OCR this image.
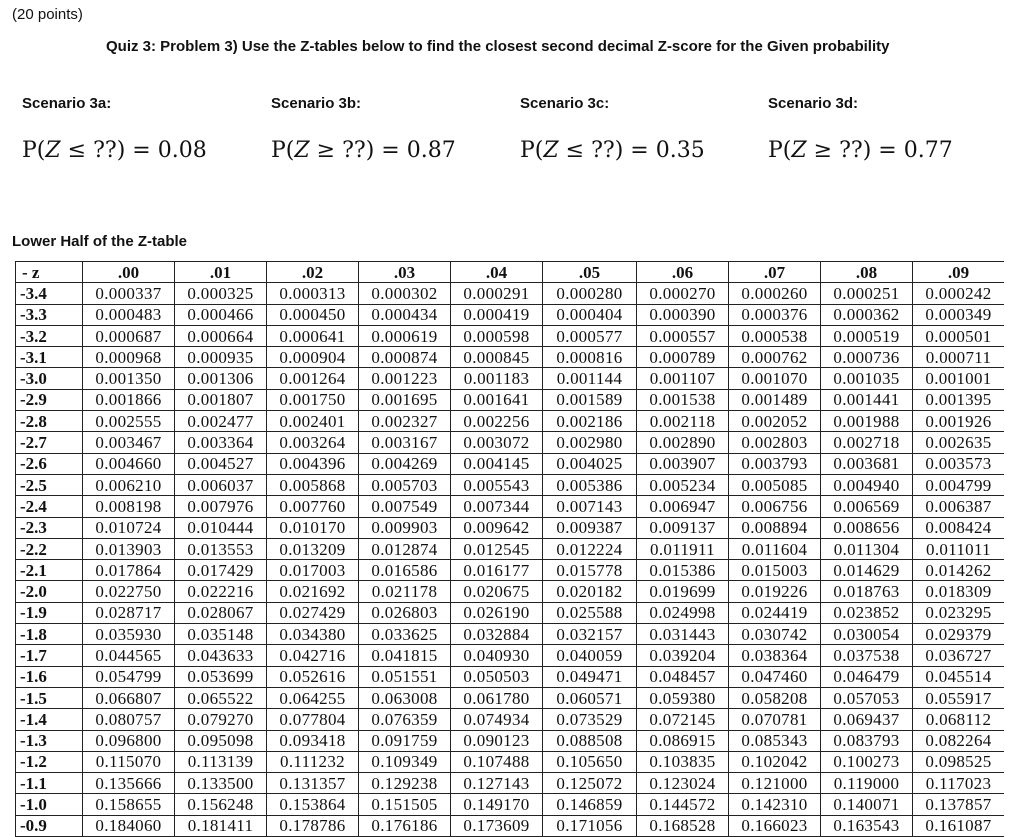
(20 points)
Quiz 3: Problem 3) Use the Z-tables below to find the closest second decimal Z-score for the Given probability
Scenario 3a:	Scenario 3b:	Scenario 3c:	Scenario 3d:
P(Z ≤ ??) = 0.08	P(Z ≥ ??) = 0.87	P(Z ≤ ??) = 0.35	P(Z ≥ ??) = 0.77
Lower Half of the Z-table
- z	.00	.01	.02	.03	.04	.05	.06	.07	.08	.09
-3.4	0.000337	0.000325	0.000313	0.000302	0.000291	0.000280	0.000270	0.000260	0.000251	0.000242
-3.3	0.000483	0.000466	0.000450	0.000434	0.000419	0.000404	0.000390	0.000376	0.000362	0.000349
-3.2	0.000687	0.000664	0.000641	0.000619	0.000598	0.000577	0.000557	0.000538	0.000519	0.000501
-3.1	0.000968	0.000935	0.000904	0.000874	0.000845	0.000816	0.000789	0.000762	0.000736	0.000711
-3.0	0.001350	0.001306	0.001264	0.001223	0.001183	0.001144	0.001107	0.001070	0.001035	0.001001
-2.9	0.001866	0.001807	0.001750	0.001695	0.001641	0.001589	0.001538	0.001489	0.001441	0.001395
-2.8	0.002555	0.002477	0.002401	0.002327	0.002256	0.002186	0.002118	0.002052	0.001988	0.001926
-2.7	0.003467	0.003364	0.003264	0.003167	0.003072	0.002980	0.002890	0.002803	0.002718	0.002635
-2.6	0.004660	0.004527	0.004396	0.004269	0.004145	0.004025	0.003907	0.003793	0.003681	0.003573
-2.5	0.006210	0.006037	0.005868	0.005703	0.005543	0.005386	0.005234	0.005085	0.004940	0.004799
-2.4	0.008198	0.007976	0.007760	0.007549	0.007344	0.007143	0.006947	0.006756	0.006569	0.006387
-2.3	0.010724	0.010444	0.010170	0.009903	0.009642	0.009387	0.009137	0.008894	0.008656	0.008424
-2.2	0.013903	0.013553	0.013209	0.012874	0.012545	0.012224	0.011911	0.011604	0.011304	0.011011
-2.1	0.017864	0.017429	0.017003	0.016586	0.016177	0.015778	0.015386	0.015003	0.014629	0.014262
-2.0	0.022750	0.022216	0.021692	0.021178	0.020675	0.020182	0.019699	0.019226	0.018763	0.018309
-1.9	0.028717	0.028067	0.027429	0.026803	0.026190	0.025588	0.024998	0.024419	0.023852	0.023295
-1.8	0.035930	0.035148	0.034380	0.033625	0.032884	0.032157	0.031443	0.030742	0.030054	0.029379
-1.7	0.044565	0.043633	0.042716	0.041815	0.040930	0.040059	0.039204	0.038364	0.037538	0.036727
-1.6	0.054799	0.053699	0.052616	0.051551	0.050503	0.049471	0.048457	0.047460	0.046479	0.045514
-1.5	0.066807	0.065522	0.064255	0.063008	0.061780	0.060571	0.059380	0.058208	0.057053	0.055917
-1.4	0.080757	0.079270	0.077804	0.076359	0.074934	0.073529	0.072145	0.070781	0.069437	0.068112
-1.3	0.096800	0.095098	0.093418	0.091759	0.090123	0.088508	0.086915	0.085343	0.083793	0.082264
-1.2	0.115070	0.113139	0.111232	0.109349	0.107488	0.105650	0.103835	0.102042	0.100273	0.098525
-1.1	0.135666	0.133500	0.131357	0.129238	0.127143	0.125072	0.123024	0.121000	0.119000	0.117023
-1.0	0.158655	0.156248	0.153864	0.151505	0.149170	0.146859	0.144572	0.142310	0.140071	0.137857
-0.9	0.184060	0.181411	0.178786	0.176186	0.173609	0.171056	0.168528	0.166023	0.163543	0.161087
